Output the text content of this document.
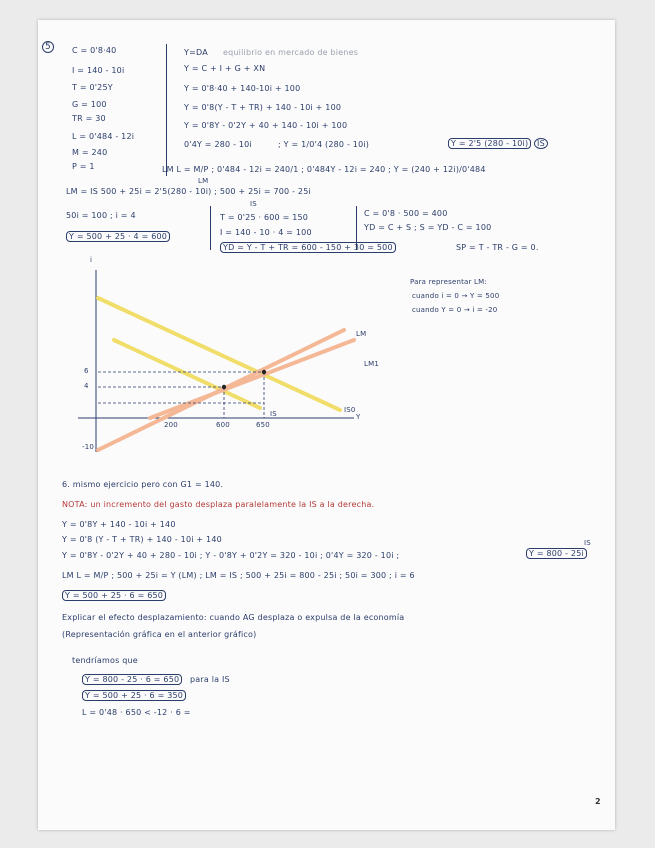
5	C = 0'8·40
I = 140 - 10i
T = 0'25Y
G = 100
TR = 30
L = 0'484 - 12i
M = 240
P = 1
Y=DA equilibrio en mercado de bienes
Y = C + I + G + XN
Y = 0'8·40 + 140-10i + 100
Y = 0'8(Y - T + TR) + 140 - 10i + 100
Y = 0'8Y - 0'2Y + 40 + 140 - 10i + 100
0'4Y = 280 - 10i	; Y = 1/0'4 (280 - 10i)	Y = 2'5 (280 - 10i) IS
LM L = M/P ; 0'484 - 12i = 240/1 ; 0'484Y - 12i = 240 ; Y = (240 + 12i)/0'484
LM = IS 500 + 25i = 2'5(280 - 10i) ; 500 + 25i = 700 - 25i
LM
IS
50i = 100 ; i = 4
Y = 500 + 25 · 4 = 600
T = 0'25 · 600 = 150
I = 140 - 10 · 4 = 100
YD = Y - T + TR = 600 - 150 + 30 = 500
C = 0'8 · 500 = 400
YD = C + S ; S = YD - C = 100
SP = T - TR - G = 0.
i
Y
6
4
-10
200	600	650
LM
LM1
IS	IS0
Para representar LM:
cuando i = 0 → Y = 500
cuando Y = 0 → i = -20
6. mismo ejercicio pero con G1 = 140.
NOTA: un incremento del gasto desplaza paralelamente la IS a la derecha.
Y = 0'8Y + 140 - 10i + 140
Y = 0'8 (Y - T + TR) + 140 - 10i + 140
Y = 0'8Y - 0'2Y + 40 + 280 - 10i ; Y - 0'8Y + 0'2Y = 320 - 10i ; 0'4Y = 320 - 10i ;	Y = 800 - 25i
IS
LM L = M/P ; 500 + 25i = Y (LM) ; LM = IS ; 500 + 25i = 800 - 25i ; 50i = 300 ; i = 6
Y = 500 + 25 · 6 = 650
Explicar el efecto desplazamiento: cuando AG desplaza o expulsa de la economía
(Representación gráfica en el anterior gráfico)
tendríamos que
Y = 800 - 25 · 6 = 650	para la IS
Y = 500 + 25 · 6 = 350
L = 0'48 · 650 < -12 · 6 =
2
